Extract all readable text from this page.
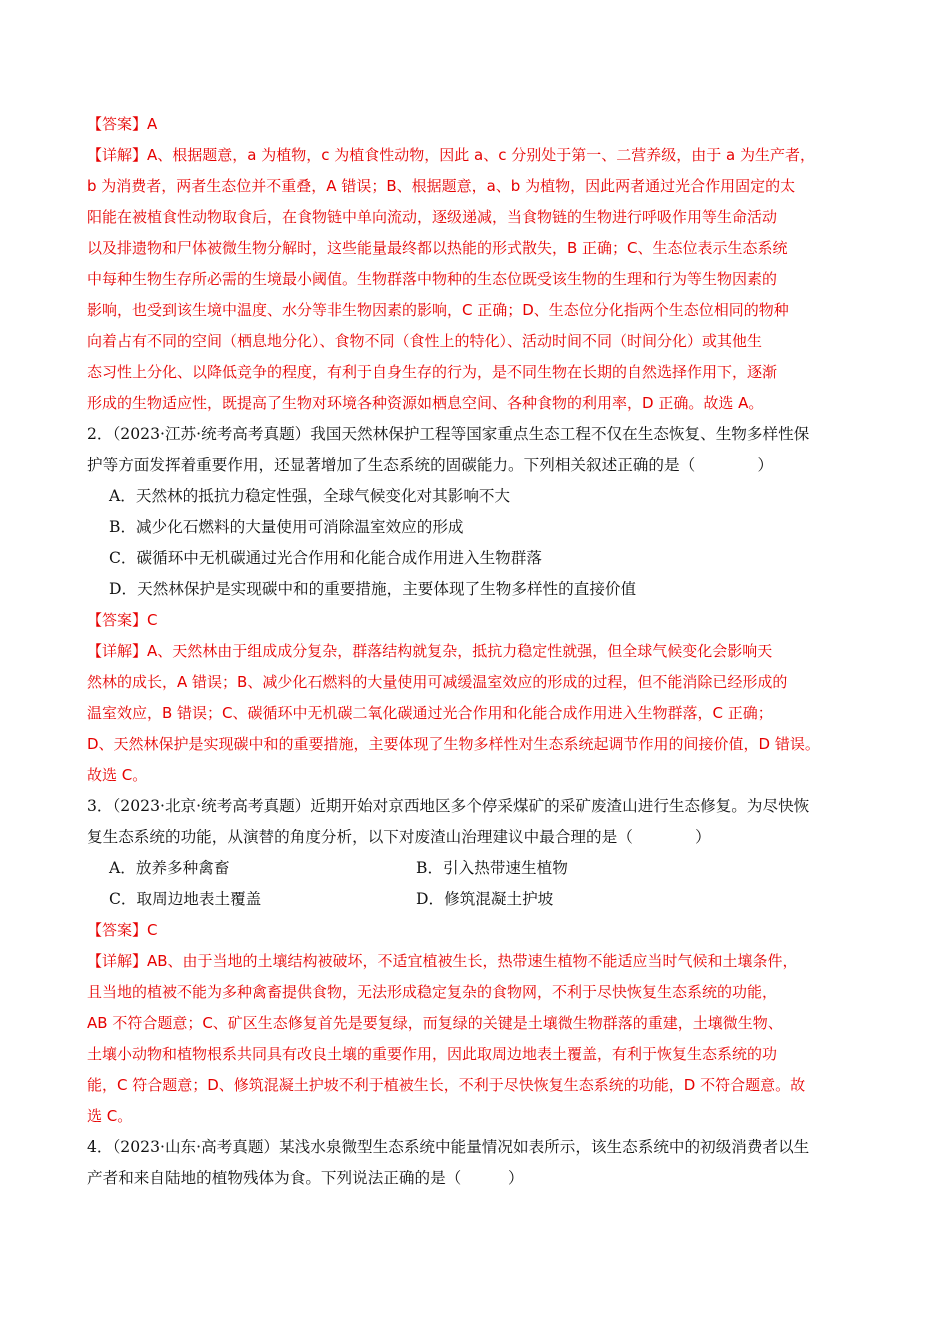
【答案】A
【详解】A、根据题意，a 为植物，c 为植食性动物，因此 a、c 分别处于第一、二营养级，由于 a 为生产者，
b 为消费者，两者生态位并不重叠，A 错误；B、根据题意，a、b 为植物，因此两者通过光合作用固定的太
阳能在被植食性动物取食后，在食物链中单向流动，逐级递减，当食物链的生物进行呼吸作用等生命活动
以及排遗物和尸体被微生物分解时，这些能量最终都以热能的形式散失，B 正确；C、生态位表示生态系统
中每种生物生存所必需的生境最小阈值。生物群落中物种的生态位既受该生物的生理和行为等生物因素的
影响，也受到该生境中温度、水分等非生物因素的影响，C 正确；D、生态位分化指两个生态位相同的物种
向着占有不同的空间（栖息地分化）、食物不同（食性上的特化）、活动时间不同（时间分化）或其他生
态习性上分化、以降低竞争的程度，有利于自身生存的行为，是不同生物在长期的自然选择作用下，逐渐
形成的生物适应性，既提高了生物对环境各种资源如栖息空间、各种食物的利用率，D 正确。故选 A。
2．（2023·江苏·统考高考真题）我国天然林保护工程等国家重点生态工程不仅在生态恢复、生物多样性保
护等方面发挥着重要作用，还显著增加了生态系统的固碳能力。下列相关叙述正确的是（　　　　）
A．天然林的抵抗力稳定性强，全球气候变化对其影响不大
B．减少化石燃料的大量使用可消除温室效应的形成
C．碳循环中无机碳通过光合作用和化能合成作用进入生物群落
D．天然林保护是实现碳中和的重要措施，主要体现了生物多样性的直接价值
【答案】C
【详解】A、天然林由于组成成分复杂，群落结构就复杂，抵抗力稳定性就强，但全球气候变化会影响天
然林的成长，A 错误；B、减少化石燃料的大量使用可减缓温室效应的形成的过程，但不能消除已经形成的
温室效应，B 错误；C、碳循环中无机碳二氧化碳通过光合作用和化能合成作用进入生物群落，C 正确；
D、天然林保护是实现碳中和的重要措施，主要体现了生物多样性对生态系统起调节作用的间接价值，D 错误。
故选 C。
3．（2023·北京·统考高考真题）近期开始对京西地区多个停采煤矿的采矿废渣山进行生态修复。为尽快恢
复生态系统的功能，从演替的角度分析，以下对废渣山治理建议中最合理的是（　　　　）
A．放养多种禽畜	B．引入热带速生植物
C．取周边地表土覆盖	D．修筑混凝土护坡
【答案】C
【详解】AB、由于当地的土壤结构被破坏，不适宜植被生长，热带速生植物不能适应当时气候和土壤条件，
且当地的植被不能为多种禽畜提供食物，无法形成稳定复杂的食物网，不利于尽快恢复生态系统的功能，
AB 不符合题意；C、矿区生态修复首先是要复绿，而复绿的关键是土壤微生物群落的重建，土壤微生物、
土壤小动物和植物根系共同具有改良土壤的重要作用，因此取周边地表土覆盖，有利于恢复生态系统的功
能，C 符合题意；D、修筑混凝土护坡不利于植被生长，不利于尽快恢复生态系统的功能，D 不符合题意。故
选 C。
4．（2023·山东·高考真题）某浅水泉微型生态系统中能量情况如表所示，该生态系统中的初级消费者以生
产者和来自陆地的植物残体为食。下列说法正确的是（　　　）
